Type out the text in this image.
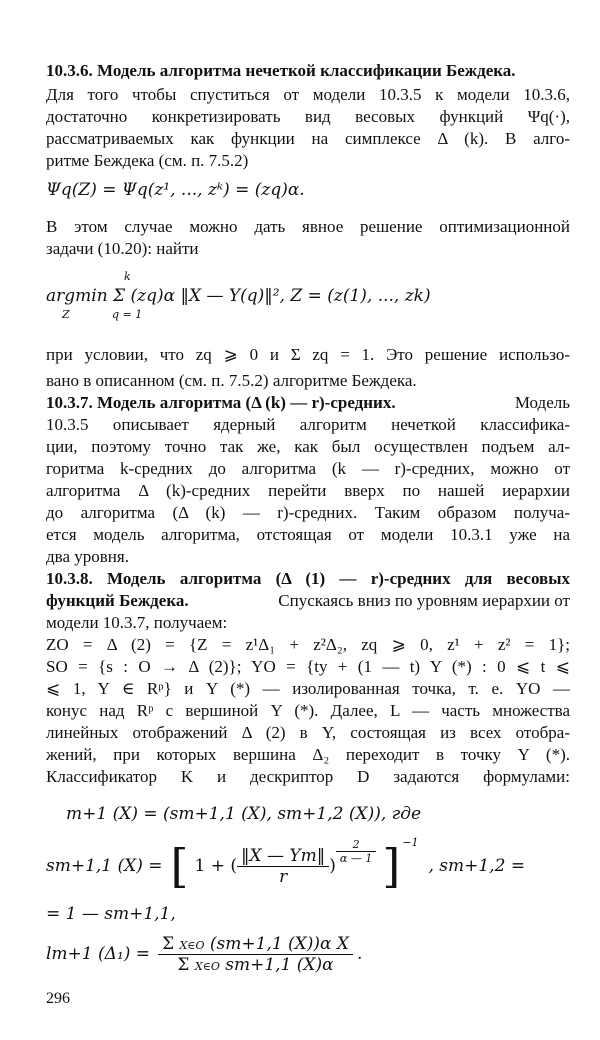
10.3.6. Модель алгоритма нечеткой классификации Беждека.
Для того чтобы спуститься от модели 10.3.5 к модели 10.3.6,
достаточно конкретизировать вид весовых функций Ψq(·),
рассматриваемых как функции на симплексе Δ (k). В алго-
ритме Беждека (см. п. 7.5.2)
Ψq(Z) = Ψq(z¹, ..., zᵏ) = (zq)α.
В этом случае можно дать явное решение оптимизационной
задачи (10.20): найти
argmin Σ (zq)α ‖X — Y(q)‖², Z = (z(1), ..., zk)
Z
k
q = 1
при условии, что zq ⩾ 0 и Σ zq = 1. Это решение использо-
вано в описанном (см. п. 7.5.2) алгоритме Беждека.
10.3.7. Модель алгоритма (Δ (k) — r)-средних.	Модель
10.3.5 описывает ядерный алгоритм нечеткой классифика-
ции, поэтому точно так же, как был осуществлен подъем ал-
горитма k-средних до алгоритма (k — r)-средних, можно от
алгоритма Δ (k)-средних перейти вверх по нашей иерархии
до алгоритма (Δ (k) — r)-средних. Таким образом получа-
ется модель алгоритма, отстоящая от модели 10.3.1 уже на
два уровня.
10.3.8. Модель алгоритма (Δ (1) — r)-средних для весовых
функций Беждека.	Спускаясь вниз по уровням иерархии от
модели 10.3.7, получаем:
ZO = Δ (2) = {Z = z¹Δ₁ + z²Δ₂, zq ⩾ 0, z¹ + z² = 1};
SO = {s : O → Δ (2)}; YO = {ty + (1 — t) Y (*) : 0 ⩽ t ⩽
⩽ 1, Y ∈ Rᵖ} и Y (*) — изолированная точка, т. е. YO —
конус над Rᵖ с вершиной Y (*). Далее, L — часть множества
линейных отображений Δ (2) в Y, состоящая из всех отобра-
жений, при которых вершина Δ₂ переходит в точку Y (*).
Классификатор K и дескриптор D задаются формулами:
m+1 (X) = (sm+1,1 (X), sm+1,2 (X)), где
sm+1,1 (X) = [ 1 + ( $\frac{‖X — Ym‖}{r}$ )
$\frac{2}{\alpha — 1}$ ] −1
, sm+1,2 =
= 1 — sm+1,1,
lm+1 $(\Delta_1) = \frac{\text{Σ X∈O (sm+1,1 (X))α X}}{\text{Σ X∈O sm+1,1 (X)α}}$ .
296
